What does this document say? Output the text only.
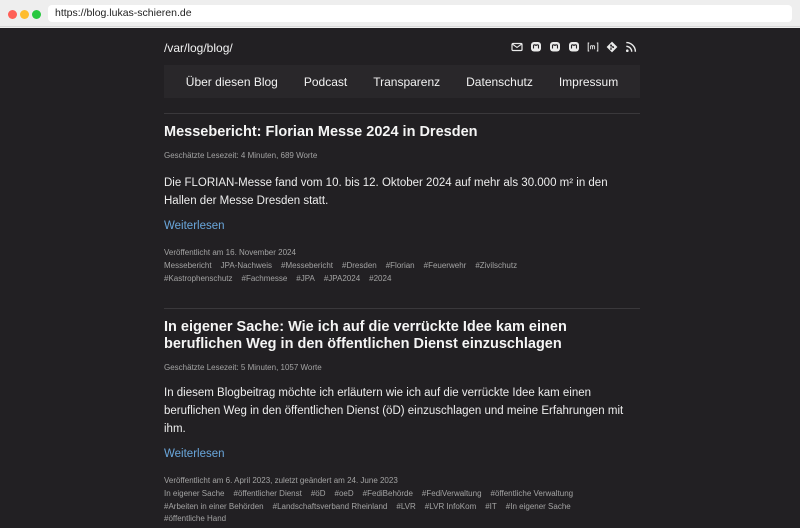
https://blog.lukas-schieren.de
/var/log/blog/
Über diesen Blog	Podcast	Transparenz	Datenschutz	Impressum
Messebericht: Florian Messe 2024 in Dresden
Geschätzte Lesezeit: 4 Minuten, 689 Worte
Die FLORIAN-Messe fand vom 10. bis 12. Oktober 2024 auf mehr als 30.000 m² in den Hallen der Messe Dresden statt.
Weiterlesen
Veröffentlicht am 16. November 2024
Messebericht JPA-Nachweis #Messebericht #Dresden #Florian #Feuerwehr #Zivilschutz
#Kastrophenschutz #Fachmesse #JPA #JPA2024 #2024
In eigener Sache: Wie ich auf die verrückte Idee kam einen beruflichen Weg in den öffentlichen Dienst einzuschlagen
Geschätzte Lesezeit: 5 Minuten, 1057 Worte
In diesem Blogbeitrag möchte ich erläutern wie ich auf die verrückte Idee kam einen beruflichen Weg in den öffentlichen Dienst (öD) einzuschlagen und meine Erfahrungen mit ihm.
Weiterlesen
Veröffentlicht am 6. April 2023, zuletzt geändert am 24. June 2023
In eigener Sache #öffentlicher Dienst #öD #oeD #FediBehörde #FediVerwaltung #öffentliche Verwaltung
#Arbeiten in einer Behörden #Landschaftsverband Rheinland #LVR #LVR InfoKom #IT #In eigener Sache
#öffentliche Hand
